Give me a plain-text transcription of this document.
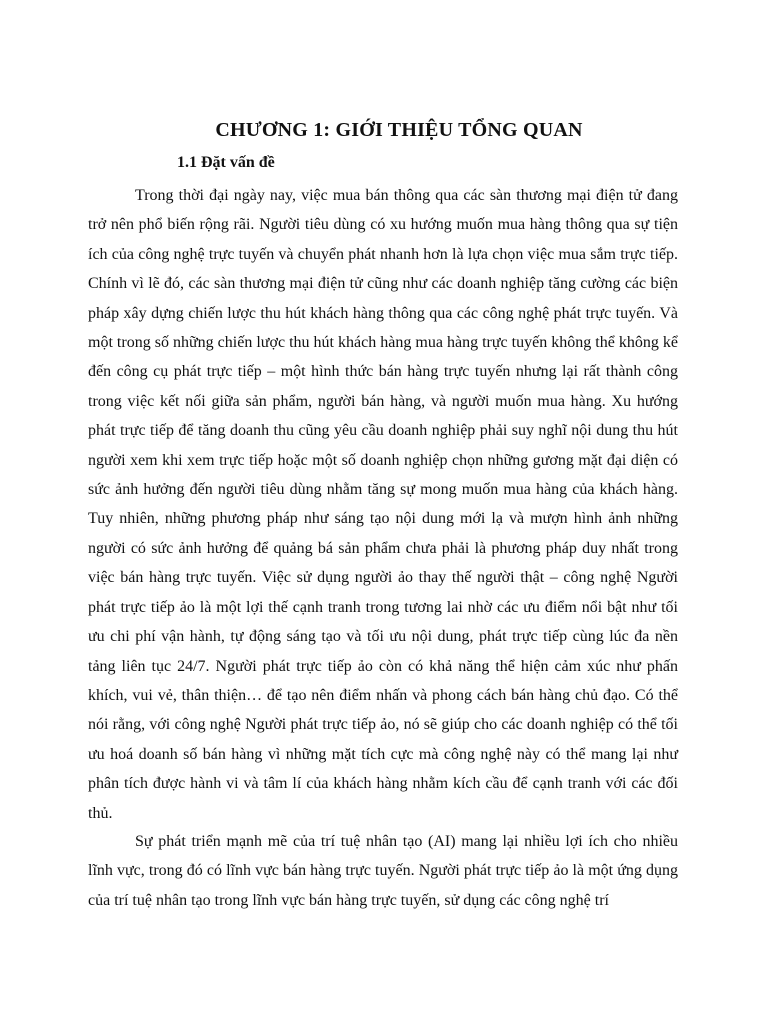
CHƯƠNG 1: GIỚI THIỆU TỔNG QUAN
1.1 Đặt vấn đề

Trong thời đại ngày nay, việc mua bán thông qua các sàn thương mại điện tử đang trở nên phổ biến rộng rãi. Người tiêu dùng có xu hướng muốn mua hàng thông qua sự tiện ích của công nghệ trực tuyến và chuyển phát nhanh hơn là lựa chọn việc mua sắm trực tiếp. Chính vì lẽ đó, các sàn thương mại điện tử cũng như các doanh nghiệp tăng cường các biện pháp xây dựng chiến lược thu hút khách hàng thông qua các công nghệ phát trực tuyến. Và một trong số những chiến lược thu hút khách hàng mua hàng trực tuyến không thể không kể đến công cụ phát trực tiếp – một hình thức bán hàng trực tuyến nhưng lại rất thành công trong việc kết nối giữa sản phẩm, người bán hàng, và người muốn mua hàng. Xu hướng phát trực tiếp để tăng doanh thu cũng yêu cầu doanh nghiệp phải suy nghĩ nội dung thu hút người xem khi xem trực tiếp hoặc một số doanh nghiệp chọn những gương mặt đại diện có sức ảnh hưởng đến người tiêu dùng nhằm tăng sự mong muốn mua hàng của khách hàng. Tuy nhiên, những phương pháp như sáng tạo nội dung mới lạ và mượn hình ảnh những người có sức ảnh hưởng để quảng bá sản phẩm chưa phải là phương pháp duy nhất trong việc bán hàng trực tuyến. Việc sử dụng người ảo thay thế người thật – công nghệ Người phát trực tiếp ảo là một lợi thế cạnh tranh trong tương lai nhờ các ưu điểm nổi bật như tối ưu chi phí vận hành, tự động sáng tạo và tối ưu nội dung, phát trực tiếp cùng lúc đa nền tảng liên tục 24/7. Người phát trực tiếp ảo còn có khả năng thể hiện cảm xúc như phấn khích, vui vẻ, thân thiện… để tạo nên điểm nhấn và phong cách bán hàng chủ đạo. Có thể nói rằng, với công nghệ Người phát trực tiếp ảo, nó sẽ giúp cho các doanh nghiệp có thể tối ưu hoá doanh số bán hàng vì những mặt tích cực mà công nghệ này có thể mang lại như phân tích được hành vi và tâm lí của khách hàng nhằm kích cầu để cạnh tranh với các đối thủ.

Sự phát triển mạnh mẽ của trí tuệ nhân tạo (AI) mang lại nhiều lợi ích cho nhiều lĩnh vực, trong đó có lĩnh vực bán hàng trực tuyến. Người phát trực tiếp ảo là một ứng dụng của trí tuệ nhân tạo trong lĩnh vực bán hàng trực tuyến, sử dụng các công nghệ trí
